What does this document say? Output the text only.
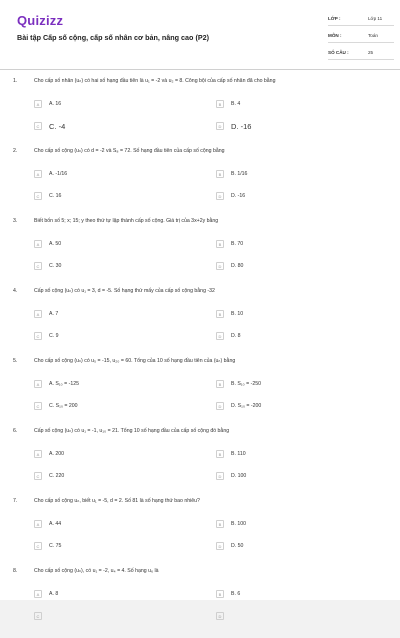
Quizizz
Bài tập Cấp số cộng, cấp số nhân cơ bản, nâng cao (P2)
LỚP :	Lớp 11
MÔN :	Toán
SỐ CÂU :	25
1.	Cho cấp số nhân (uₙ) có hai số hạng đầu tiên là u₁ = -2 và u₂ = 8. Công bội của cấp số nhân đã cho bằng
A	A. 16	B	B. 4
C	C. -4	D	D. -16
2.	Cho cấp số cộng (uₙ) có d = -2 và S₈ = 72. Số hạng đầu tiên của cấp số cộng bằng
A	A. -1/16	B	B. 1/16
C	C. 16	D	D. -16
3.	Biết bốn số 5; x; 15; y theo thứ tự lập thành cấp số cộng. Giá trị của 3x+2y bằng
A	A. 50	B	B. 70
C	C. 30	D	D. 80
4.	Cấp số cộng (uₙ) có u₁ = 3, d = -5. Số hạng thứ mấy của cấp số cộng bằng -32
A	A. 7	B	B. 10
C	C. 9	D	D. 8
5.	Cho cấp số cộng (uₙ) có u₅ = -15, u₂₀ = 60. Tổng của 10 số hạng đầu tiên của (uₙ) bằng
A	A. S₁₀ = -125	B	B. S₁₀ = -250
C	C. S₁₀ = 200	D	D. S₁₀ = -200
6.	Cấp số cộng (uₙ) có u₁ = -1, u₁₀ = 21. Tổng 10 số hạng đầu của cấp số cộng đó bằng
A	A. 200	B	B. 110
C	C. 220	D	D. 100
7.	Cho cấp số cộng uₙ, biết u₁ = -5, d = 2. Số 81 là số hạng thứ bao nhiêu?
A	A. 44	B	B. 100
C	C. 75	D	D. 50
8.	Cho cấp số cộng (uₙ), có u₁ = -2, u₄ = 4. Số hạng u₆ là
A	A. 8	B	B. 6
C	D
